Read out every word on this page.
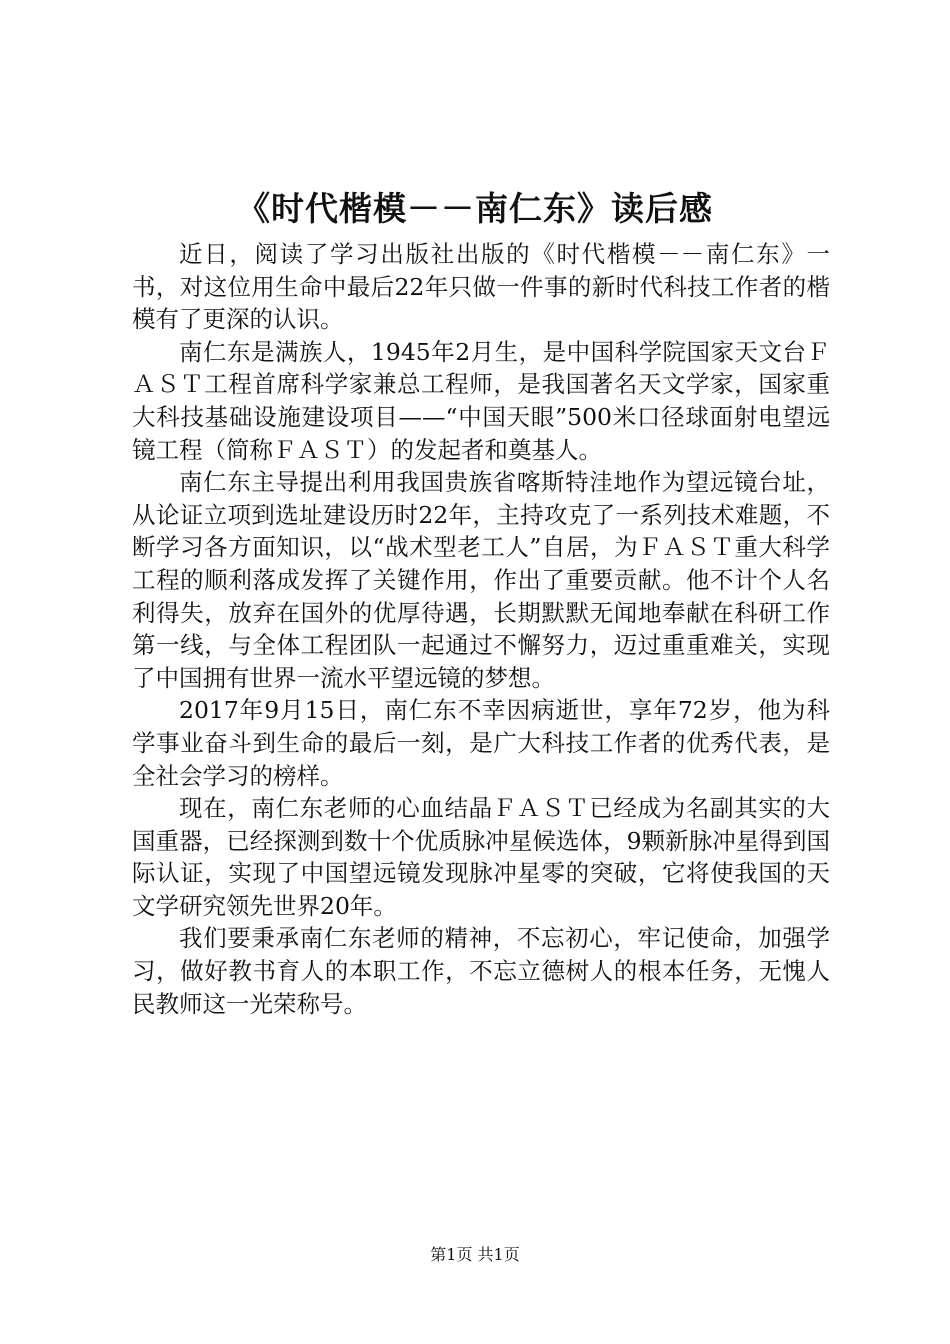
《时代楷模－－南仁东》读后感

近日，阅读了学习出版社出版的《时代楷模－－南仁东》一书，对这位用生命中最后22年只做一件事的新时代科技工作者的楷模有了更深的认识。

南仁东是满族人，1945年2月生，是中国科学院国家天文台ＦＡＳＴ工程首席科学家兼总工程师，是我国著名天文学家，国家重大科技基础设施建设项目——“中国天眼”500米口径球面射电望远镜工程（简称ＦＡＳＴ）的发起者和奠基人。

南仁东主导提出利用我国贵族省喀斯特洼地作为望远镜台址，从论证立项到选址建设历时22年，主持攻克了一系列技术难题，不断学习各方面知识，以“战术型老工人”自居，为ＦＡＳＴ重大科学工程的顺利落成发挥了关键作用，作出了重要贡献。他不计个人名利得失，放弃在国外的优厚待遇，长期默默无闻地奉献在科研工作第一线，与全体工程团队一起通过不懈努力，迈过重重难关，实现了中国拥有世界一流水平望远镜的梦想。

2017年9月15日，南仁东不幸因病逝世，享年72岁，他为科学事业奋斗到生命的最后一刻，是广大科技工作者的优秀代表，是全社会学习的榜样。

现在，南仁东老师的心血结晶ＦＡＳＴ已经成为名副其实的大国重器，已经探测到数十个优质脉冲星候选体，9颗新脉冲星得到国际认证，实现了中国望远镜发现脉冲星零的突破，它将使我国的天文学研究领先世界20年。

我们要秉承南仁东老师的精神，不忘初心，牢记使命，加强学习，做好教书育人的本职工作，不忘立德树人的根本任务，无愧人民教师这一光荣称号。

第1页 共1页
